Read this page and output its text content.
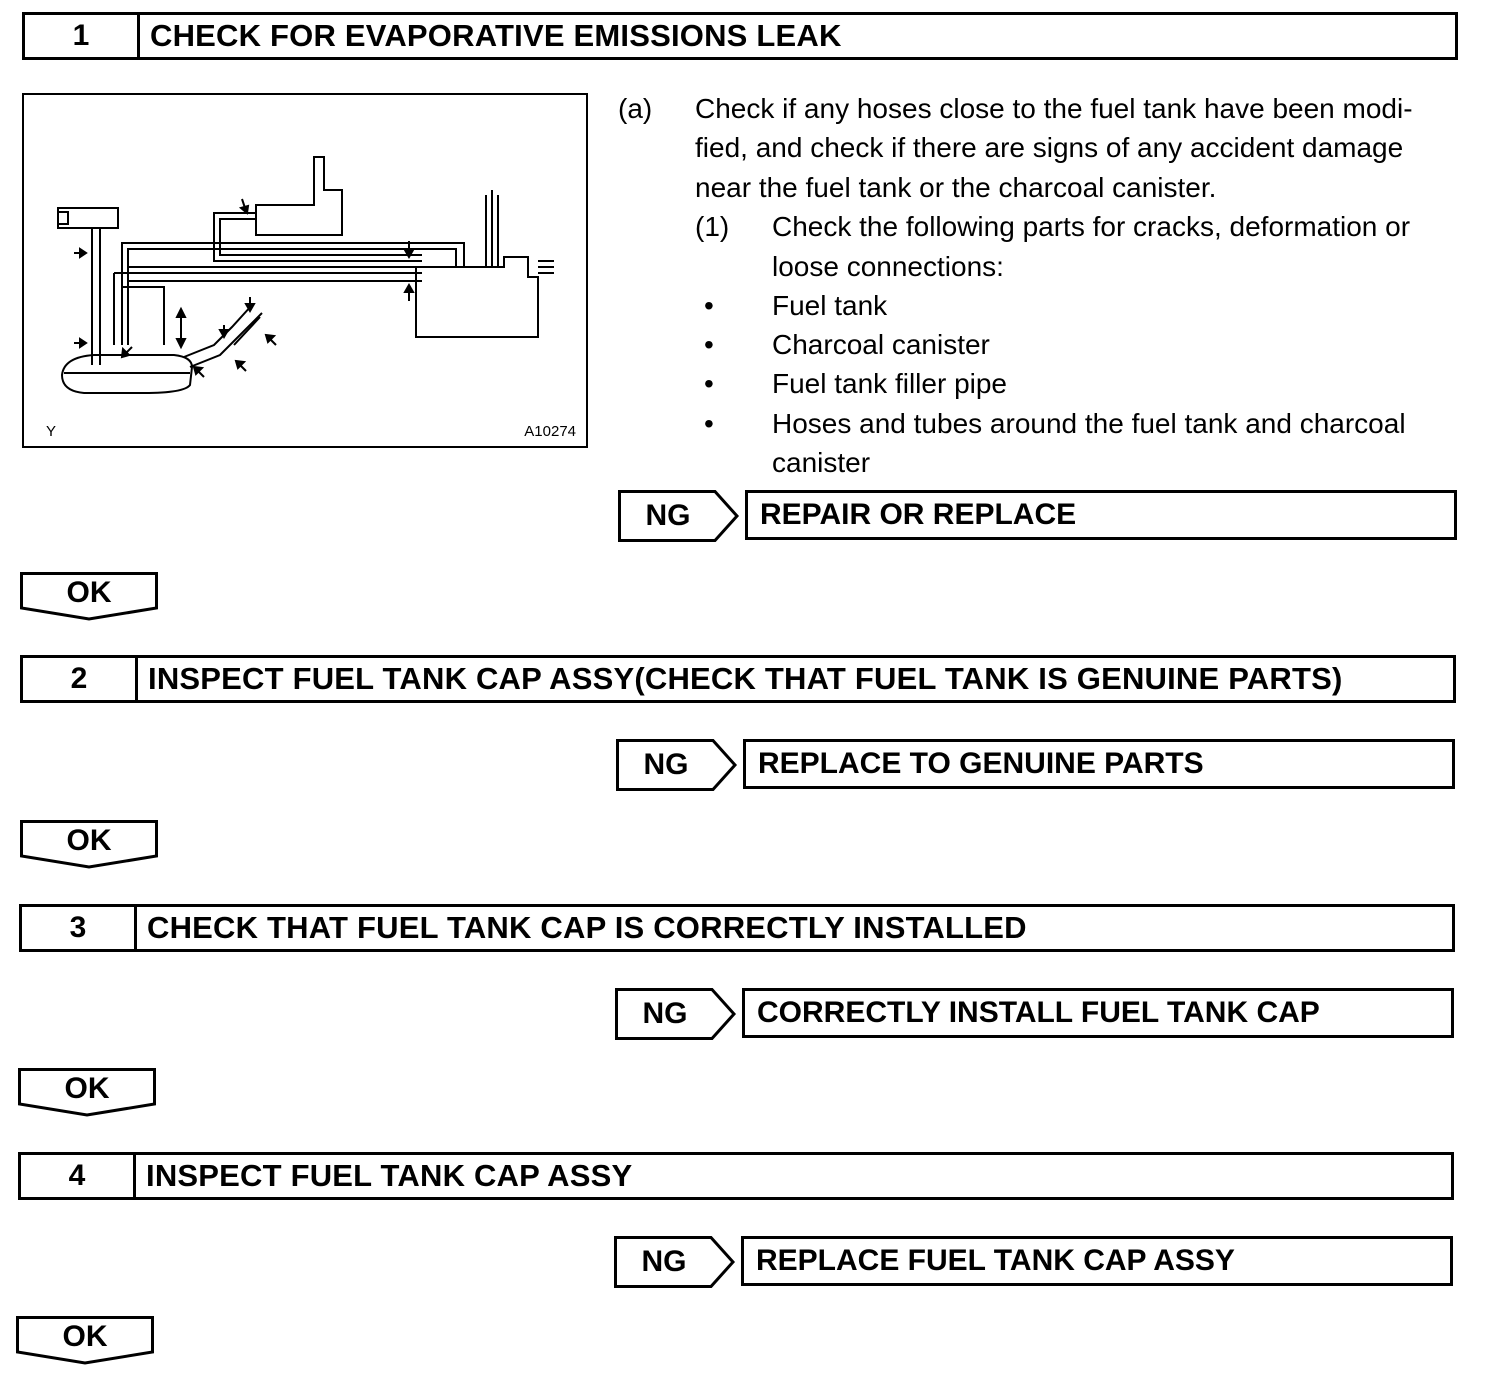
1	CHECK FOR EVAPORATIVE EMISSIONS LEAK
Y	A10274
(a) Check if any hoses close to the fuel tank have been modi-
fied, and check if there are signs of any accident damage
near the fuel tank or the charcoal canister.
(1) Check the following parts for cracks, deformation or
loose connections:
• Fuel tank
• Charcoal canister
• Fuel tank filler pipe
• Hoses and tubes around the fuel tank and charcoal
canister
NG	REPAIR OR REPLACE
OK
2	INSPECT FUEL TANK CAP ASSY(CHECK THAT FUEL TANK IS GENUINE PARTS)
NG	REPLACE TO GENUINE PARTS
OK
3	CHECK THAT FUEL TANK CAP IS CORRECTLY INSTALLED
NG	CORRECTLY INSTALL FUEL TANK CAP
OK
4	INSPECT FUEL TANK CAP ASSY
NG	REPLACE FUEL TANK CAP ASSY
OK
